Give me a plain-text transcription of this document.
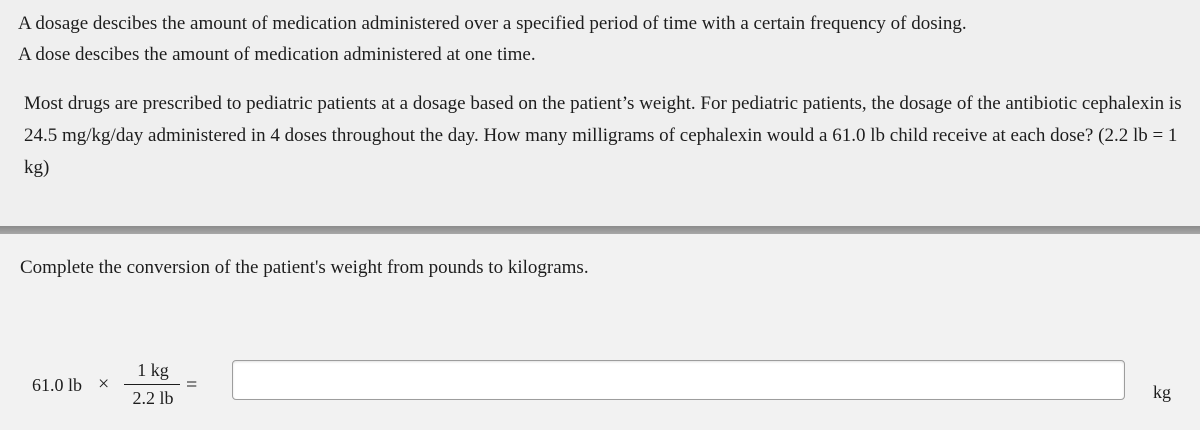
A dosage descibes the amount of medication administered over a specified period of time with a certain frequency of dosing.
A dose descibes the amount of medication administered at one time.
Most drugs are prescribed to pediatric patients at a dosage based on the patient’s weight. For pediatric patients, the dosage of the antibiotic cephalexin is 24.5 mg/kg/day administered in 4 doses throughout the day. How many milligrams of cephalexin would a 61.0 lb child receive at each dose? (2.2 lb = 1 kg)
Complete the conversion of the patient's weight from pounds to kilograms.
61.0 lb ×
1 kg
2.2 lb
=	kg
